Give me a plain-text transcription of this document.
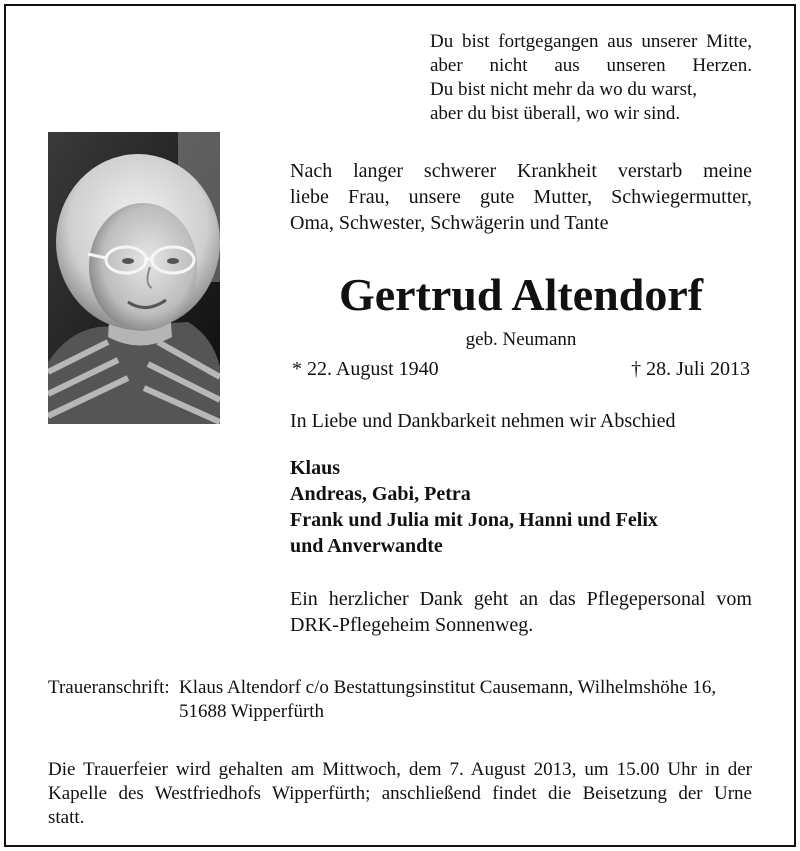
Du bist fortgegangen aus unserer Mitte,
aber nicht aus unseren Herzen.
Du bist nicht mehr da wo du warst,
aber du bist überall, wo wir sind.
Nach langer schwerer Krankheit verstarb meine
liebe Frau, unsere gute Mutter, Schwiegermutter,
Oma, Schwester, Schwägerin und Tante
Gertrud Altendorf
geb. Neumann
* 22. August 1940	† 28. Juli 2013
In Liebe und Dankbarkeit nehmen wir Abschied
Klaus
Andreas, Gabi, Petra
Frank und Julia mit Jona, Hanni und Felix
und Anverwandte
Ein herzlicher Dank geht an das Pflegepersonal vom
DRK-Pflegeheim Sonnenweg.
Traueranschrift: Klaus Altendorf c/o Bestattungsinstitut Causemann, Wilhelmshöhe 16,
51688 Wipperfürth
Die Trauerfeier wird gehalten am Mittwoch, dem 7. August 2013, um 15.00 Uhr in der
Kapelle des Westfriedhofs Wipperfürth; anschließend findet die Beisetzung der Urne
statt.
